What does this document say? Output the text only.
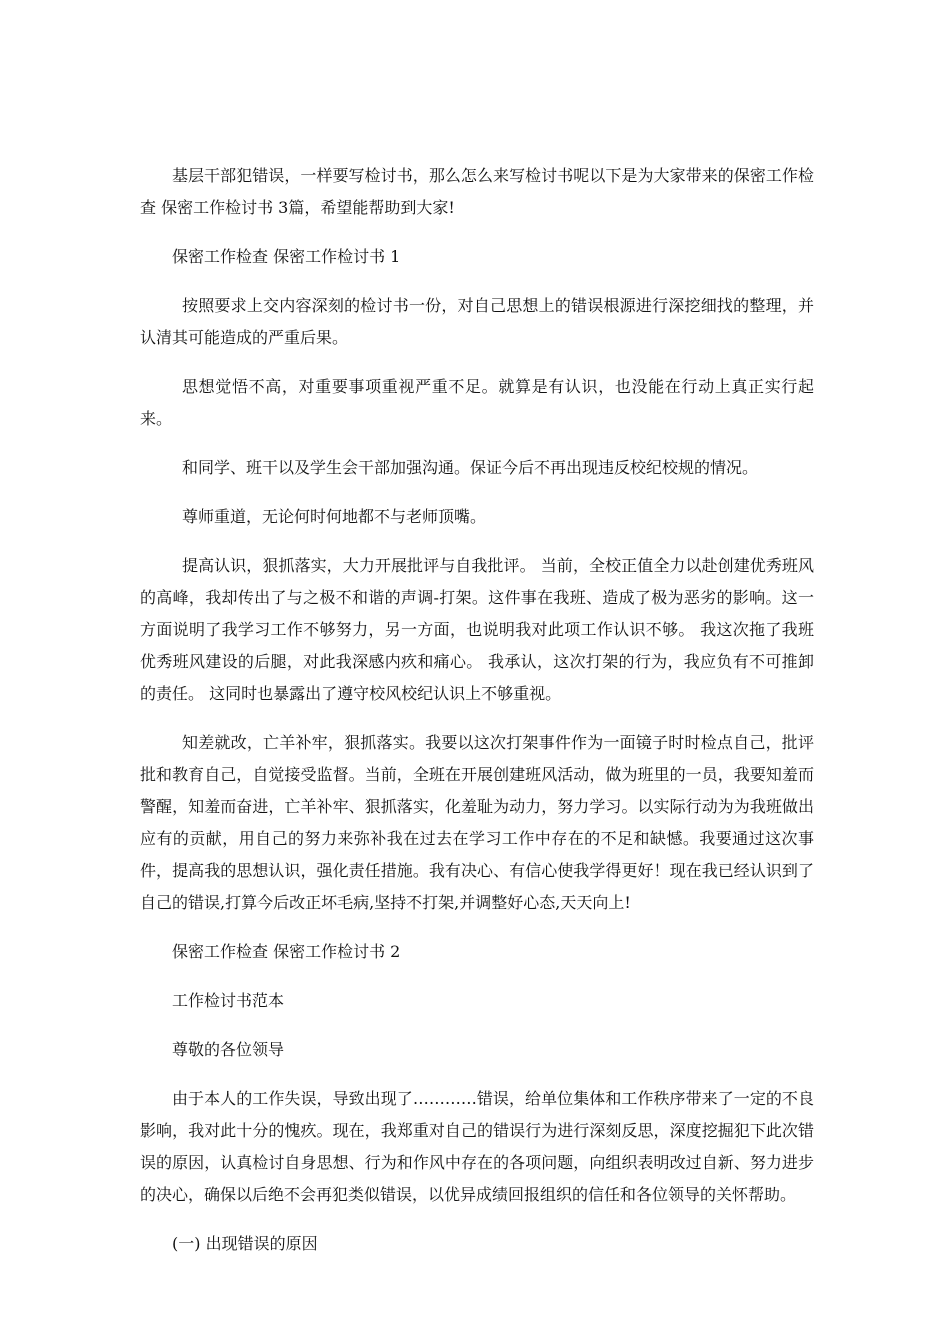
基层干部犯错误，一样要写检讨书，那么怎么来写检讨书呢以下是为大家带来的保密工作检查 保密工作检讨书 3篇，希望能帮助到大家!

保密工作检查 保密工作检讨书 1

按照要求上交内容深刻的检讨书一份，对自己思想上的错误根源进行深挖细找的整理，并认清其可能造成的严重后果。

思想觉悟不高，对重要事项重视严重不足。就算是有认识，也没能在行动上真正实行起来。

和同学、班干以及学生会干部加强沟通。保证今后不再出现违反校纪校规的情况。

尊师重道，无论何时何地都不与老师顶嘴。

提高认识，狠抓落实，大力开展批评与自我批评。 当前，全校正值全力以赴创建优秀班风的高峰，我却传出了与之极不和谐的声调-打架。这件事在我班、造成了极为恶劣的影响。这一方面说明了我学习工作不够努力，另一方面，也说明我对此项工作认识不够。 我这次拖了我班优秀班风建设的后腿，对此我深感内疚和痛心。 我承认，这次打架的行为，我应负有不可推卸的责任。 这同时也暴露出了遵守校风校纪认识上不够重视。

知差就改，亡羊补牢，狠抓落实。我要以这次打架事件作为一面镜子时时检点自己，批评批和教育自己，自觉接受监督。当前，全班在开展创建班风活动，做为班里的一员，我要知羞而警醒，知羞而奋进，亡羊补牢、狠抓落实，化羞耻为动力，努力学习。以实际行动为为我班做出应有的贡献，用自己的努力来弥补我在过去在学习工作中存在的不足和缺憾。我要通过这次事件，提高我的思想认识，强化责任措施。我有决心、有信心使我学得更好！现在我已经认识到了自己的错误,打算今后改正坏毛病,坚持不打架,并调整好心态,天天向上!

保密工作检查 保密工作检讨书 2

工作检讨书范本

尊敬的各位领导

由于本人的工作失误，导致出现了…………错误，给单位集体和工作秩序带来了一定的不良影响，我对此十分的愧疚。现在，我郑重对自己的错误行为进行深刻反思，深度挖掘犯下此次错误的原因，认真检讨自身思想、行为和作风中存在的各项问题，向组织表明改过自新、努力进步的决心，确保以后绝不会再犯类似错误，以优异成绩回报组织的信任和各位领导的关怀帮助。

(一) 出现错误的原因
